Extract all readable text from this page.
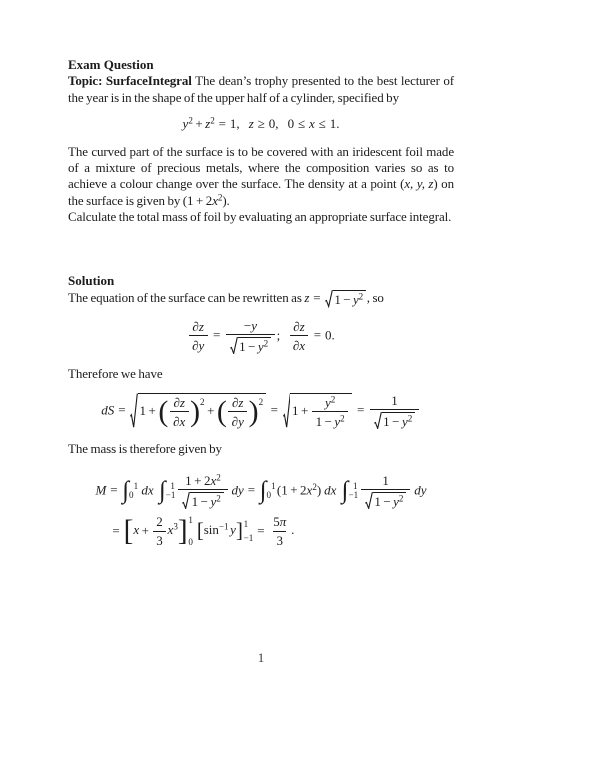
Exam Question

Topic: SurfaceIntegral The dean’s trophy presented to the best lecturer of the year is in the shape of the upper half of a cylinder, specified by

$y^2 + z^2 = 1$, z ≥ 0, 0 ≤ x ≤ 1.

The curved part of the surface is to be covered with an iridescent foil made of a mixture of precious metals, where the composition varies so as to achieve a colour change over the surface. The density at a point (x, y, z) on the surface is given by $(1 + 2x^2)$.

Calculate the total mass of foil by evaluating an appropriate surface integral.

Solution

The equation of the surface can be rewritten as $z = 1 - y^2$ , so

$\frac{\partial z}{\partial y} = \frac{-y}{1 - y^2}$ ; $\frac{\partial z}{\partial x} = 0$.

Therefore we have

dS = 1 +( $\frac{\partial z}{\partial x} )^2+( \frac{\partial z}{\partial y} )^2 = 1 + \frac{y^2}{1 - y^2} = \frac{1}{1 - y^2}$

The mass is therefore given by

M = ∫ 1
0 dx ∫ 1
$-1 \frac{1 + 2x^2}{1 - y^2}$ dy = ∫ 1
0 $(1 + 2x^2)$ dx ∫ 1
$-1 \frac{1}{1 - y^2}$ dy
= $[x + \frac{2}{3} x^3]$ 1
0 [$\sin^{-1}$ y] 1
−1
= $\frac{5\pi}{3}$ .
1
